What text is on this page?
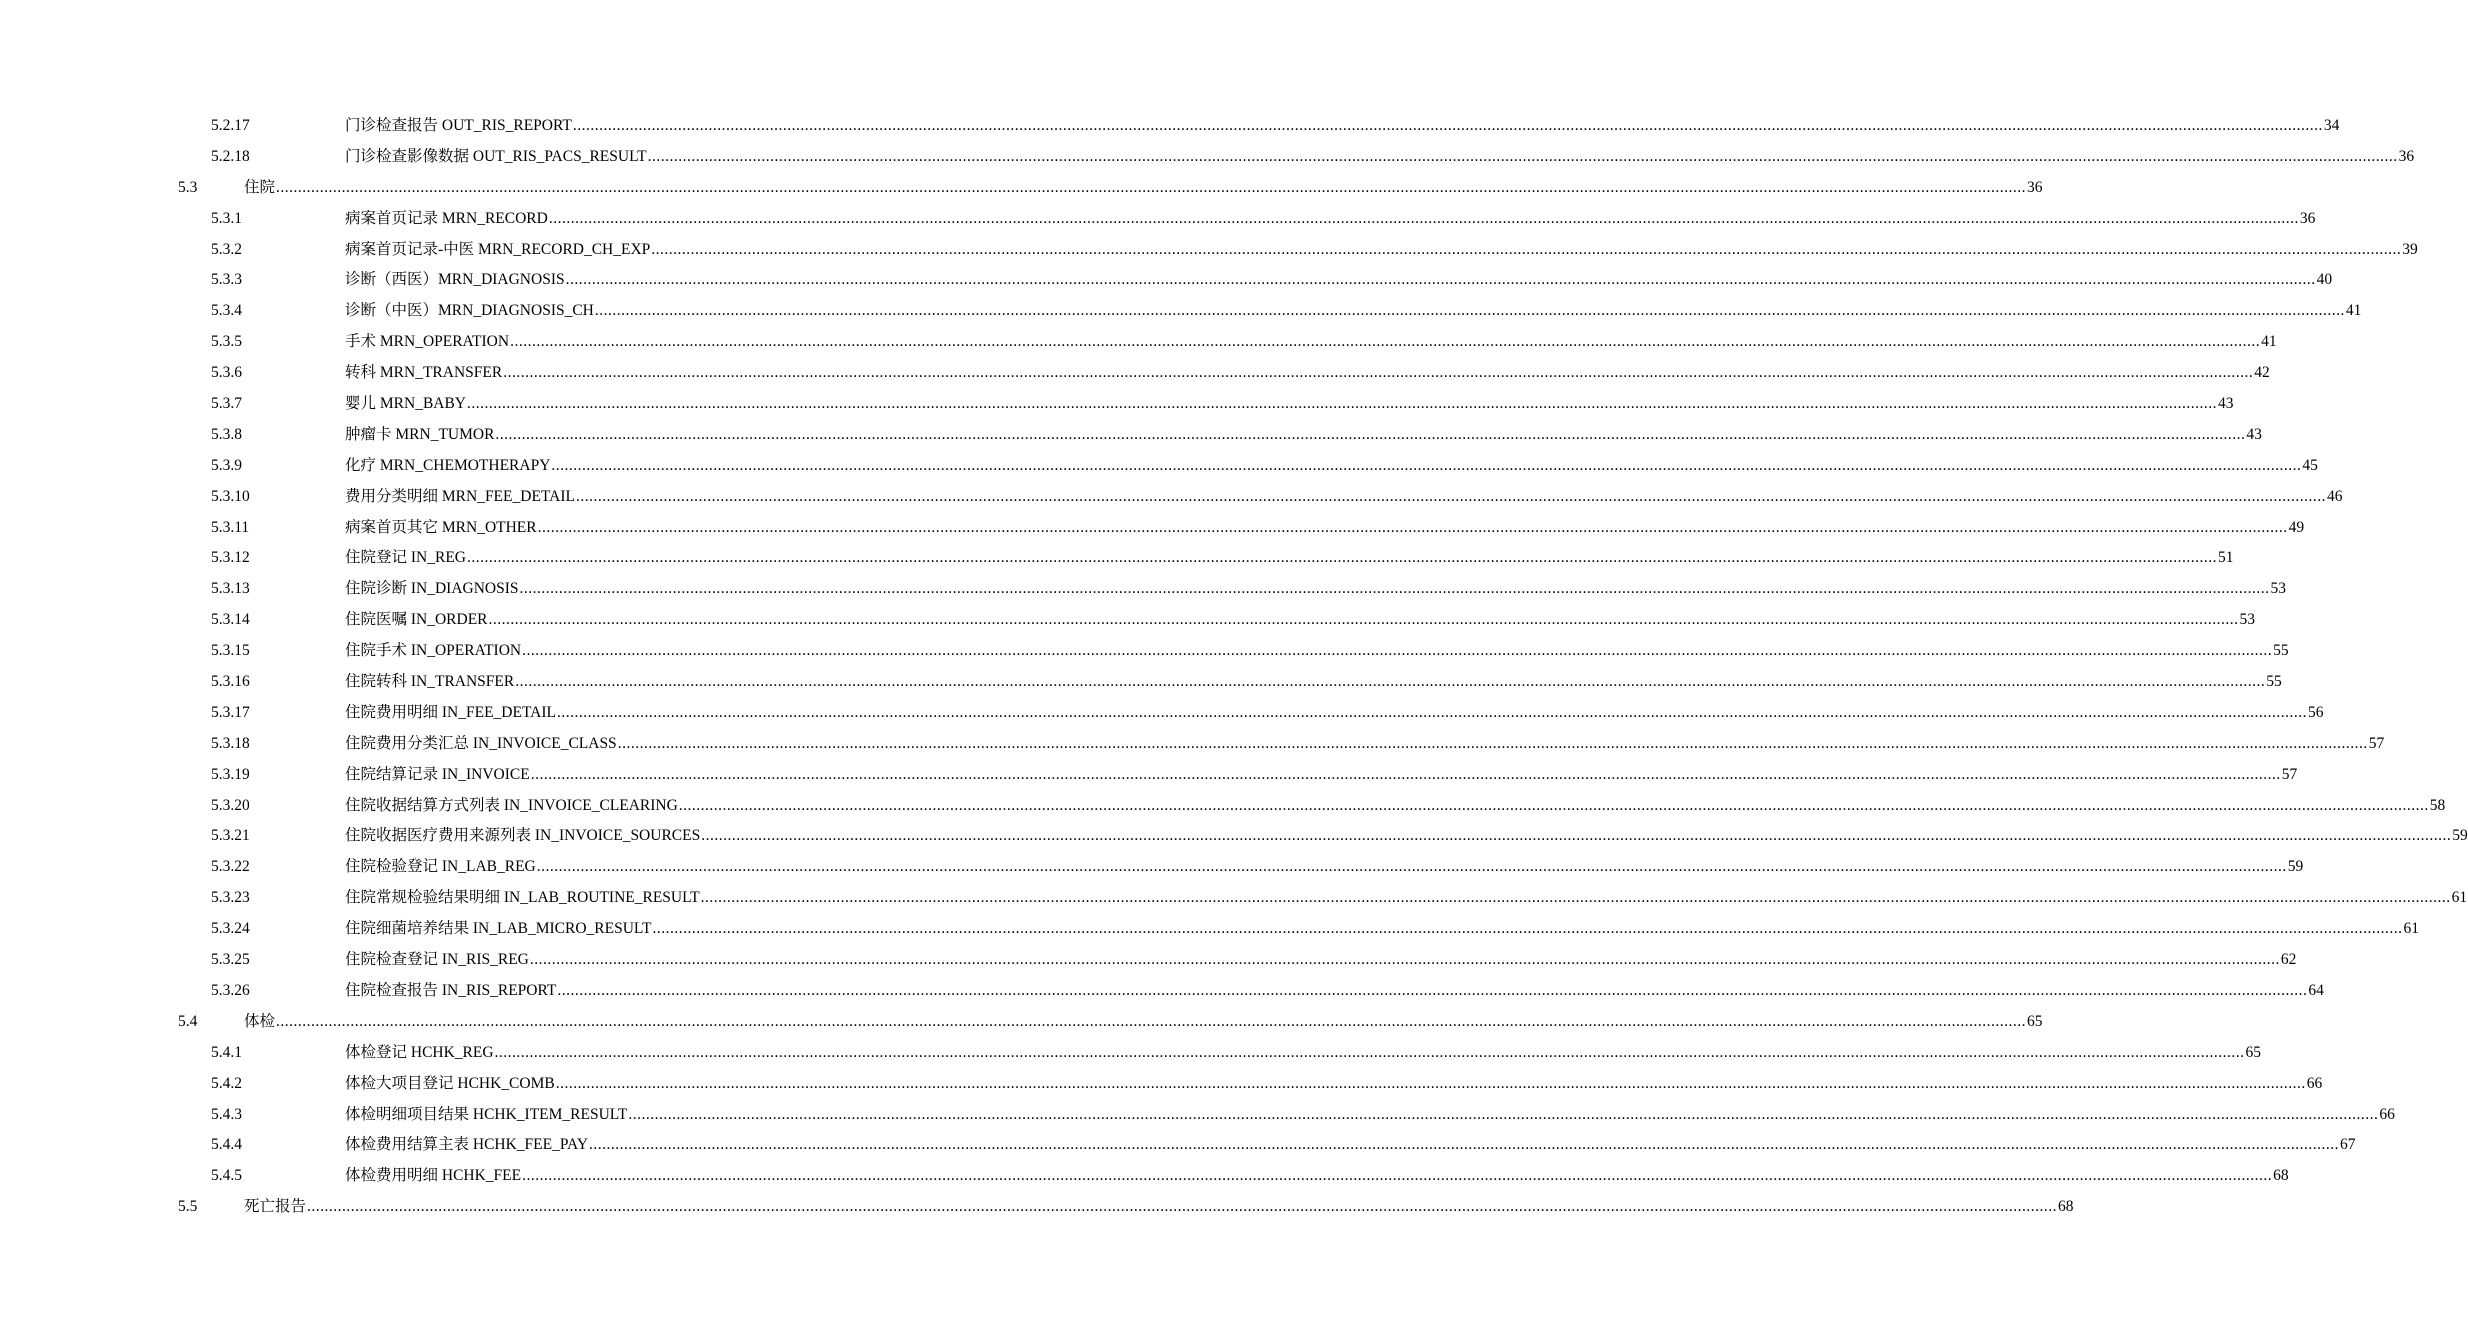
5.2.17	门诊检查报告 OUT_RIS_REPORT ................................................................................................................................................................................................................................................................................................................................................................................................................ 34
5.2.18	门诊检查影像数据 OUT_RIS_PACS_RESULT ................................................................................................................................................................................................................................................................................................................................................................................................................ 36
5.3	住院 ................................................................................................................................................................................................................................................................................................................................................................................................................ 36
5.3.1	病案首页记录 MRN_RECORD ................................................................................................................................................................................................................................................................................................................................................................................................................ 36
5.3.2	病案首页记录-中医 MRN_RECORD_CH_EXP ................................................................................................................................................................................................................................................................................................................................................................................................................ 39
5.3.3	诊断（西医）MRN_DIAGNOSIS ................................................................................................................................................................................................................................................................................................................................................................................................................ 40
5.3.4	诊断（中医）MRN_DIAGNOSIS_CH ................................................................................................................................................................................................................................................................................................................................................................................................................ 41
5.3.5	手术 MRN_OPERATION ................................................................................................................................................................................................................................................................................................................................................................................................................ 41
5.3.6	转科 MRN_TRANSFER ................................................................................................................................................................................................................................................................................................................................................................................................................ 42
5.3.7	婴儿 MRN_BABY ................................................................................................................................................................................................................................................................................................................................................................................................................ 43
5.3.8	肿瘤卡 MRN_TUMOR ................................................................................................................................................................................................................................................................................................................................................................................................................ 43
5.3.9	化疗 MRN_CHEMOTHERAPY ................................................................................................................................................................................................................................................................................................................................................................................................................ 45
5.3.10	费用分类明细 MRN_FEE_DETAIL ................................................................................................................................................................................................................................................................................................................................................................................................................ 46
5.3.11	病案首页其它 MRN_OTHER ................................................................................................................................................................................................................................................................................................................................................................................................................ 49
5.3.12	住院登记 IN_REG ................................................................................................................................................................................................................................................................................................................................................................................................................ 51
5.3.13	住院诊断 IN_DIAGNOSIS ................................................................................................................................................................................................................................................................................................................................................................................................................ 53
5.3.14	住院医嘱 IN_ORDER ................................................................................................................................................................................................................................................................................................................................................................................................................ 53
5.3.15	住院手术 IN_OPERATION ................................................................................................................................................................................................................................................................................................................................................................................................................ 55
5.3.16	住院转科 IN_TRANSFER ................................................................................................................................................................................................................................................................................................................................................................................................................ 55
5.3.17	住院费用明细 IN_FEE_DETAIL ................................................................................................................................................................................................................................................................................................................................................................................................................ 56
5.3.18	住院费用分类汇总 IN_INVOICE_CLASS ................................................................................................................................................................................................................................................................................................................................................................................................................ 57
5.3.19	住院结算记录 IN_INVOICE ................................................................................................................................................................................................................................................................................................................................................................................................................ 57
5.3.20	住院收据结算方式列表 IN_INVOICE_CLEARING ................................................................................................................................................................................................................................................................................................................................................................................................................ 58
5.3.21	住院收据医疗费用来源列表 IN_INVOICE_SOURCES ................................................................................................................................................................................................................................................................................................................................................................................................................ 59
5.3.22	住院检验登记 IN_LAB_REG ................................................................................................................................................................................................................................................................................................................................................................................................................ 59
5.3.23	住院常规检验结果明细 IN_LAB_ROUTINE_RESULT ................................................................................................................................................................................................................................................................................................................................................................................................................ 61
5.3.24	住院细菌培养结果 IN_LAB_MICRO_RESULT ................................................................................................................................................................................................................................................................................................................................................................................................................ 61
5.3.25	住院检查登记 IN_RIS_REG ................................................................................................................................................................................................................................................................................................................................................................................................................ 62
5.3.26	住院检查报告 IN_RIS_REPORT ................................................................................................................................................................................................................................................................................................................................................................................................................ 64
5.4	体检 ................................................................................................................................................................................................................................................................................................................................................................................................................ 65
5.4.1	体检登记 HCHK_REG ................................................................................................................................................................................................................................................................................................................................................................................................................ 65
5.4.2	体检大项目登记 HCHK_COMB ................................................................................................................................................................................................................................................................................................................................................................................................................ 66
5.4.3	体检明细项目结果 HCHK_ITEM_RESULT ................................................................................................................................................................................................................................................................................................................................................................................................................ 66
5.4.4	体检费用结算主表 HCHK_FEE_PAY ................................................................................................................................................................................................................................................................................................................................................................................................................ 67
5.4.5	体检费用明细 HCHK_FEE ................................................................................................................................................................................................................................................................................................................................................................................................................ 68
5.5	死亡报告 ................................................................................................................................................................................................................................................................................................................................................................................................................ 68
